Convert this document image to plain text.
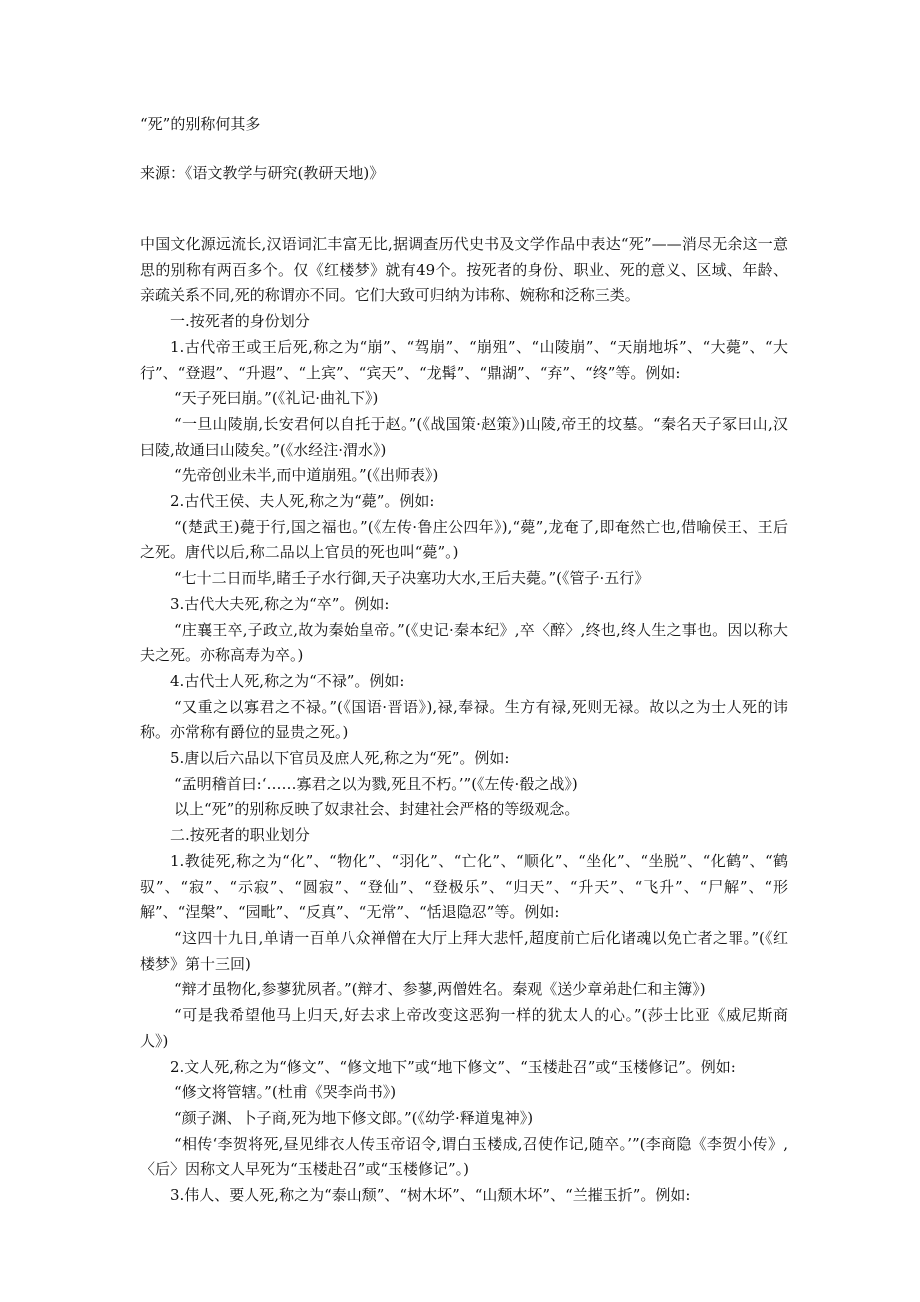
“死”的别称何其多
来源：《语文教学与研究(教研天地)》

中国文化源远流长,汉语词汇丰富无比,据调查历代史书及文学作品中表达“死”——消尽无余这一意思的别称有两百多个。仅《红楼梦》就有49个。按死者的身份、职业、死的意义、区域、年龄、亲疏关系不同,死的称谓亦不同。它们大致可归纳为讳称、婉称和泛称三类。

一.按死者的身份划分

1.古代帝王或王后死,称之为“崩”、“驾崩”、“崩殂”、“山陵崩”、“天崩地坼”、“大薨”、“大行”、“登遐”、“升遐”、“上宾”、“宾天”、“龙髯”、“鼎湖”、“弃”、“终”等。例如:

“天子死曰崩。”(《礼记·曲礼下》)

“一旦山陵崩,长安君何以自托于赵。”(《战国策·赵策》)山陵,帝王的坟墓。“秦名天子冢曰山,汉曰陵,故通曰山陵矣。”(《水经注·渭水》)

“先帝创业未半,而中道崩殂。”(《出师表》)

2.古代王侯、夫人死,称之为“薨”。例如:

“(楚武王)薨于行,国之福也。”(《左传·鲁庄公四年》),“薨”,龙奄了,即奄然亡也,借喻侯王、王后之死。唐代以后,称二品以上官员的死也叫“薨”。)

“七十二日而毕,睹壬子水行御,天子决塞功大水,王后夫薨。”(《管子·五行》

3.古代大夫死,称之为“卒”。例如:

“庄襄王卒,子政立,故为秦始皇帝。”(《史记·秦本纪》,卒〈醉〉,终也,终人生之事也。因以称大夫之死。亦称高寿为卒。)

4.古代士人死,称之为“不禄”。例如:

“又重之以寡君之不禄。”(《国语·晋语》),禄,奉禄。生方有禄,死则无禄。故以之为士人死的讳称。亦常称有爵位的显贵之死。)

5.唐以后六品以下官员及庶人死,称之为“死”。例如:

“孟明稽首曰:‘……寡君之以为戮,死且不朽。’”(《左传·殽之战》)

以上“死”的别称反映了奴隶社会、封建社会严格的等级观念。

二.按死者的职业划分

1.教徒死,称之为“化”、“物化”、“羽化”、“亡化”、“顺化”、“坐化”、“坐脱”、“化鹤”、“鹤驭”、“寂”、“示寂”、“圆寂”、“登仙”、“登极乐”、“归天”、“升天”、“飞升”、“尸解”、“形解”、“涅槃”、“园毗”、“反真”、“无常”、“恬退隐忍”等。例如:

“这四十九日,单请一百单八众禅僧在大厅上拜大悲忏,超度前亡后化诸魂以免亡者之罪。”(《红楼梦》第十三回)

“辩才虽物化,参蓼犹夙者。”(辩才、参蓼,两僧姓名。秦观《送少章弟赴仁和主簿》)

“可是我希望他马上归天,好去求上帝改变这恶狗一样的犹太人的心。”(莎士比亚《威尼斯商人》)

2.文人死,称之为“修文”、“修文地下”或“地下修文”、“玉楼赴召”或“玉楼修记”。例如:

“修文将管辖。”(杜甫《哭李尚书》)

“颜子渊、卜子商,死为地下修文郎。”(《幼学·释道鬼神》)

“相传‘李贺将死,昼见绯衣人传玉帝诏令,谓白玉楼成,召使作记,随卒。’”(李商隐《李贺小传》,〈后〉因称文人早死为“玉楼赴召”或“玉楼修记”。)

3.伟人、要人死,称之为“泰山颓”、“树木坏”、“山颓木坏”、“兰摧玉折”。例如:
